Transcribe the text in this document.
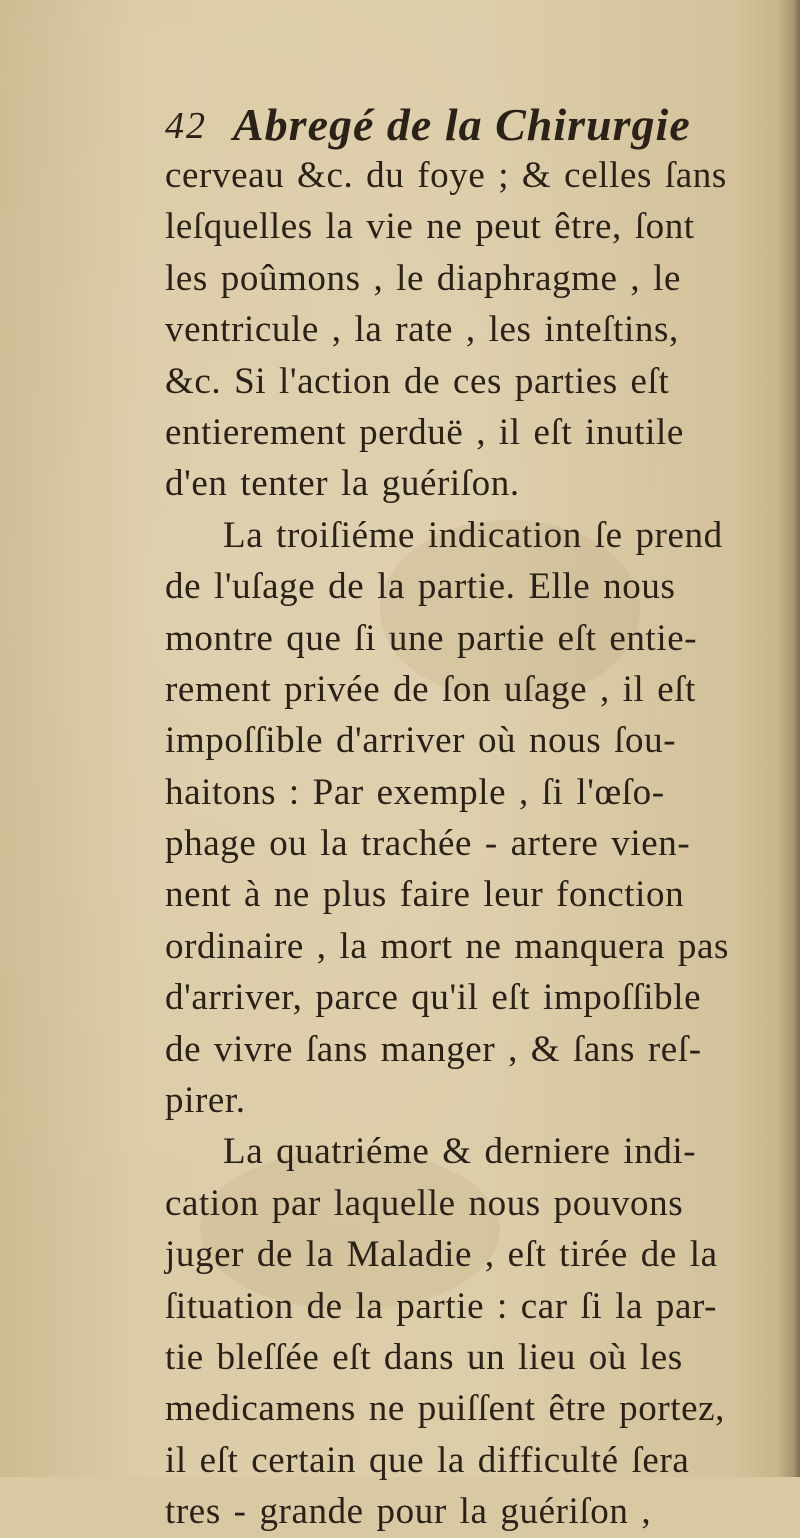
42 Abregé de la Chirurgie
cerveau &c. du foye ; & celles ſans
leſquelles la vie ne peut être, ſont
les poûmons , le diaphragme , le
ventricule , la rate , les inteſtins,
&c. Si l'action de ces parties eſt
entierement perduë , il eſt inutile
d'en tenter la guériſon.
La troiſiéme indication ſe prend
de l'uſage de la partie. Elle nous
montre que ſi une partie eſt entie-
rement privée de ſon uſage , il eſt
impoſſible d'arriver où nous ſou-
haitons : Par exemple , ſi l'œſo-
phage ou la trachée - artere vien-
nent à ne plus faire leur fonction
ordinaire , la mort ne manquera pas
d'arriver, parce qu'il eſt impoſſible
de vivre ſans manger , & ſans reſ-
pirer.
La quatriéme & derniere indi-
cation par laquelle nous pouvons
juger de la Maladie , eſt tirée de la
ſituation de la partie : car ſi la par-
tie bleſſée eſt dans un lieu où les
medicamens ne puiſſent être portez,
il eſt certain que la difficulté ſera
tres - grande pour la guériſon ,
